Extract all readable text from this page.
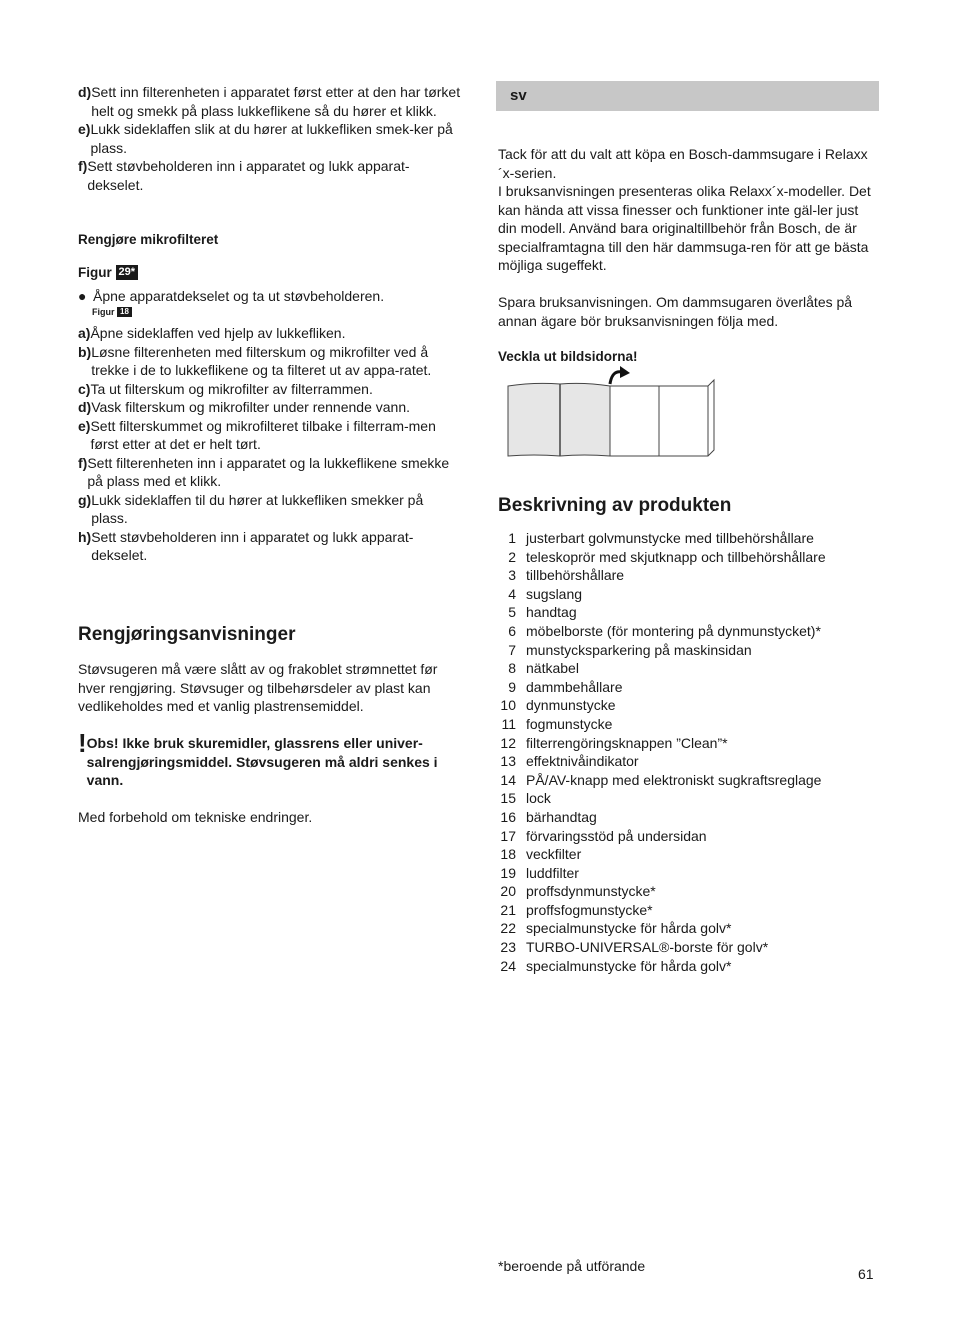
d) Sett inn filterenheten i apparatet først etter at den har tørket helt og smekk på plass lukkeflikene så du hører et klikk.
e) Lukk sideklaffen slik at du hører at lukkefliken smek-ker på plass.
f) Sett støvbeholderen inn i apparatet og lukk apparat-dekselet.
Rengjøre mikrofilteret
Figur 29*
● Åpne apparatdekselet og ta ut støvbeholderen.
Figur 18
a) Åpne sideklaffen ved hjelp av lukkefliken.
b) Løsne filterenheten med filterskum og mikrofilter ved å trekke i de to lukkeflikene og ta filteret ut av appa-ratet.
c) Ta ut filterskum og mikrofilter av filterrammen.
d) Vask filterskum og mikrofilter under rennende vann.
e) Sett filterskummet og mikrofilteret tilbake i filterram-men først etter at det er helt tørt.
f) Sett filterenheten inn i apparatet og la lukkeflikene smekke på plass med et klikk.
g) Lukk sideklaffen til du hører at lukkefliken smekker på plass.
h) Sett støvbeholderen inn i apparatet og lukk apparat-dekselet.
Rengjøringsanvisninger

Støvsugeren må være slått av og frakoblet strømnettet før hver rengjøring. Støvsuger og tilbehørsdeler av plast kan vedlikeholdes med et vanlig plastrensemiddel.

! Obs! Ikke bruk skuremidler, glassrens eller univer-salrengjøringsmiddel. Støvsugeren må aldri senkes i vann.

Med forbehold om tekniske endringer.

sv

Tack för att du valt att köpa en Bosch-dammsugare i Relaxx´x-serien.

I bruksanvisningen presenteras olika Relaxx´x-modeller. Det kan hända att vissa finesser och funktioner inte gäl-ler just din modell. Använd bara originaltillbehör från Bosch, de är specialframtagna till den här dammsuga-ren för att ge bästa möjliga sugeffekt.

Spara bruksanvisningen. Om dammsugaren överlåtes på annan ägare bör bruksanvisningen följa med.

Veckla ut bildsidorna!
Beskrivning av produkten
1 justerbart golvmunstycke med tillbehörshållare
2 teleskoprör med skjutknapp och tillbehörshållare
3 tillbehörshållare
4 sugslang
5 handtag
6 möbelborste (för montering på dynmunstycket)*
7 munstycksparkering på maskinsidan
8 nätkabel
9 dammbehållare
10 dynmunstycke
11 fogmunstycke
12 filterrengöringsknappen ”Clean”*
13 effektnivåindikator
14 PÅ/AV-knapp med elektroniskt sugkraftsreglage
15 lock
16 bärhandtag
17 förvaringsstöd på undersidan
18 veckfilter
19 luddfilter
20 proffsdynmunstycke*
21 proffsfogmunstycke*
22 specialmunstycke för hårda golv*
23 TURBO-UNIVERSAL®-borste för golv*
24 specialmunstycke för hårda golv*

*beroende på utförande	61
